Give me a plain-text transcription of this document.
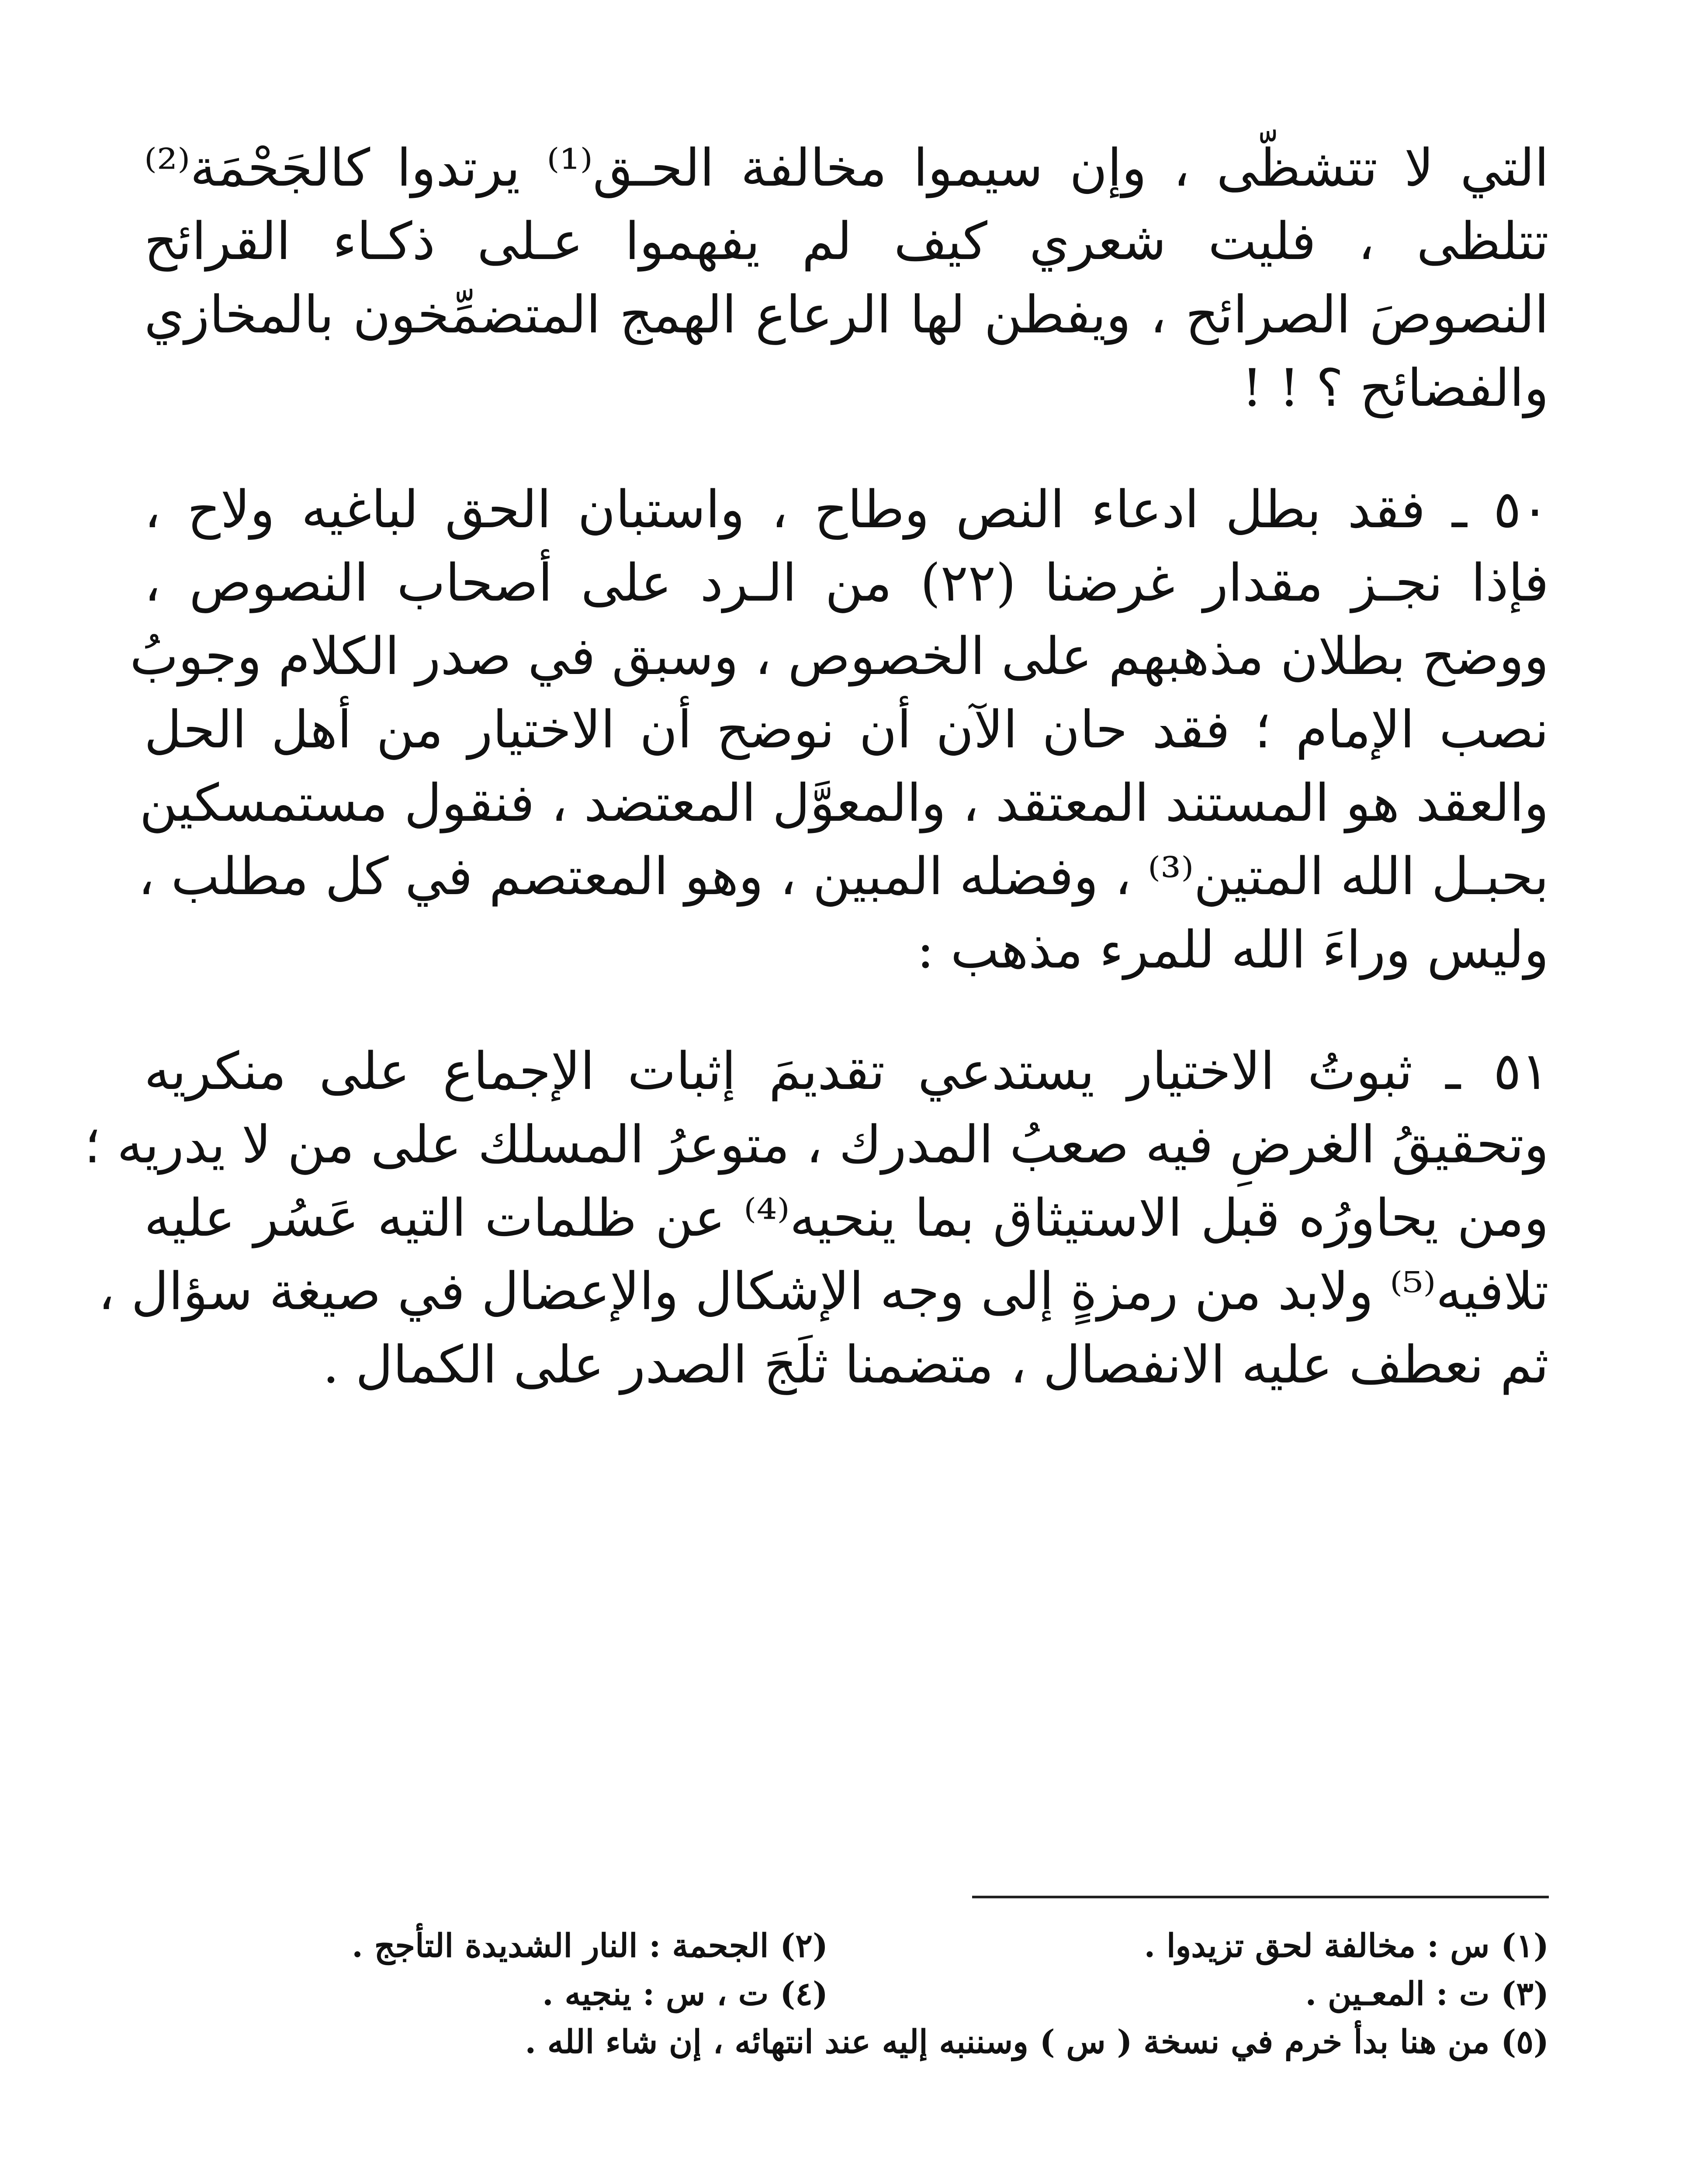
التي لا تتشظّى ، وإن سيموا مخالفة الحـق⁽¹⁾ يرتدوا كالجَحْمَة⁽²⁾
تتلظى ، فليت شعري كيف لم يفهموا عـلى ذكـاء القرائح
النصوصَ الصرائح ، ويفطن لها الرعاع الهمج المتضمِّخون بالمخازي
والفضائح ؟ ! !
٥٠ ـ فقد بطل ادعاء النص وطاح ، واستبان الحق لباغيه ولاح ،
فإذا نجـز مقدار غرضنا (٢٢) من الـرد على أصحاب النصوص ،
ووضح بطلان مذهبهم على الخصوص ، وسبق في صدر الكلام وجوبُ
نصب الإمام ؛ فقد حان الآن أن نوضح أن الاختيار من أهل الحل
والعقد هو المستند المعتقد ، والمعوَّل المعتضد ، فنقول مستمسكين
بحبـل الله المتين⁽³⁾ ، وفضله المبين ، وهو المعتصم في كل مطلب ،
وليس وراءَ الله للمرء مذهب :
٥١ ـ ثبوتُ الاختيار يستدعي تقديمَ إثبات الإجماع على منكريه
وتحقيقُ الغرضِ فيه صعبُ المدرك ، متوعرُ المسلك على من لا يدريه ؛
ومن يحاورُه قبل الاستيثاق بما ينحيه⁽⁴⁾ عن ظلمات التيه عَسُر عليه
تلافيه⁽⁵⁾ ولابد من رمزةٍ إلى وجه الإشكال والإعضال في صيغة سؤال ،
ثم نعطف عليه الانفصال ، متضمنا ثلَجَ الصدر على الكمال .
(١) س : مخالفة لحق تزيدوا .
(٢) الجحمة : النار الشديدة التأجج .
(٣) ت : المعـين .
(٤) ت ، س : ينجيه .
(٥) من هنا بدأ خرم في نسخة ( س ) وسننبه إليه عند انتهائه ، إن شاء الله .
